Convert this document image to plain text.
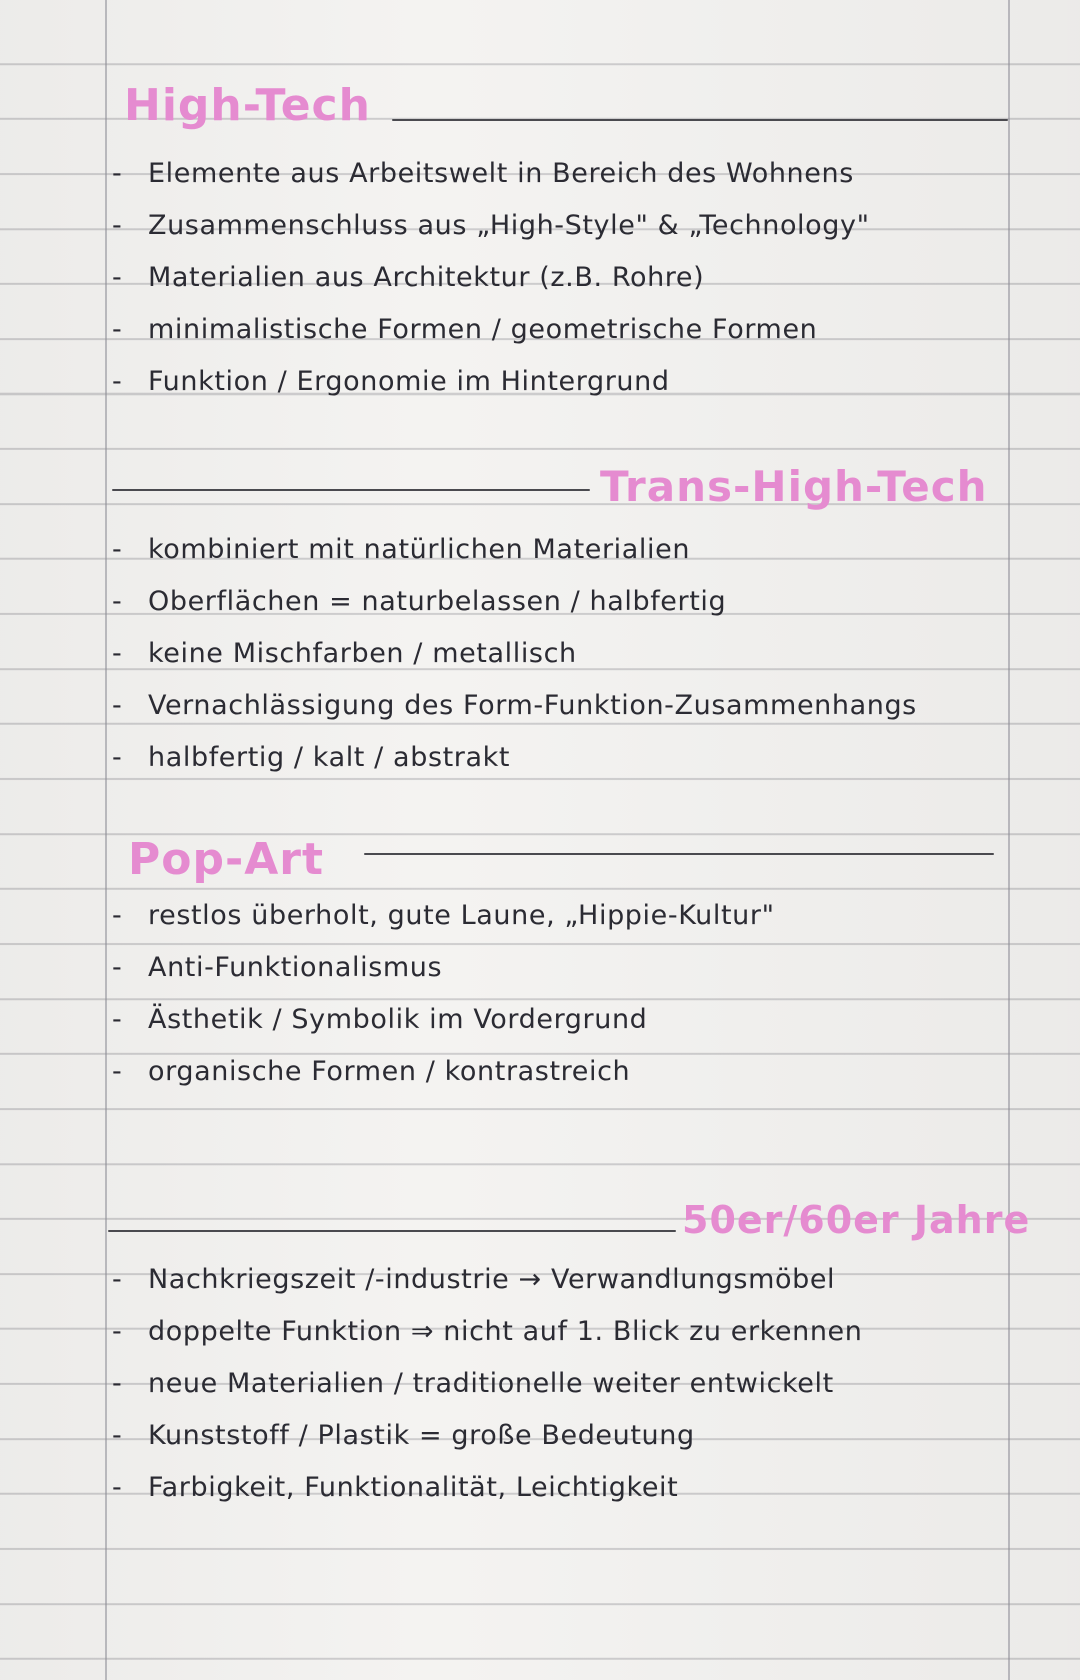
High-Tech
- Elemente aus Arbeitswelt in Bereich des Wohnens
- Zusammenschluss aus „High-Style" & „Technology"
- Materialien aus Architektur (z.B. Rohre)
- minimalistische Formen / geometrische Formen
- Funktion / Ergonomie im Hintergrund
Trans-High-Tech
- kombiniert mit natürlichen Materialien
- Oberflächen = naturbelassen / halbfertig
- keine Mischfarben / metallisch
- Vernachlässigung des Form-Funktion-Zusammenhangs
- halbfertig / kalt / abstrakt
Pop-Art
- restlos überholt, gute Laune, „Hippie-Kultur"
- Anti-Funktionalismus
- Ästhetik / Symbolik im Vordergrund
- organische Formen / kontrastreich
50er/60er Jahre
- Nachkriegszeit /-industrie → Verwandlungsmöbel
- doppelte Funktion ⇒ nicht auf 1. Blick zu erkennen
- neue Materialien / traditionelle weiter entwickelt
- Kunststoff / Plastik = große Bedeutung
- Farbigkeit, Funktionalität, Leichtigkeit
